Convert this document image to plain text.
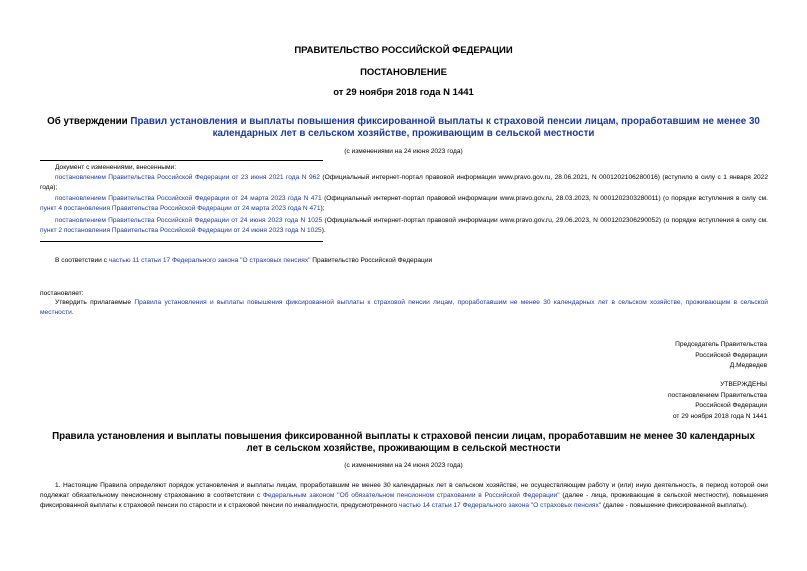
ПРАВИТЕЛЬСТВО РОССИЙСКОЙ ФЕДЕРАЦИИ
ПОСТАНОВЛЕНИЕ
от 29 ноября 2018 года N 1441
Об утверждении Правил установления и выплаты повышения фиксированной выплаты к страховой пенсии лицам, проработавшим не менее 30 календарных лет в сельском хозяйстве, проживающим в сельской местности
(с изменениями на 24 июня 2023 года)
Документ с изменениями, внесенными:
постановлением Правительства Российской Федерации от 23 июня 2021 года N 962 (Официальный интернет-портал правовой информации www.pravo.gov.ru, 28.06.2021, N 0001202106280016) (вступило в силу с 1 января 2022 года);
постановлением Правительства Российской Федерации от 24 марта 2023 года N 471 (Официальный интернет-портал правовой информации www.pravo.gov.ru, 28.03.2023, N 0001202303280011) (о порядке вступления в силу см. пункт 4 постановления Правительства Российской Федерации от 24 марта 2023 года N 471);
постановлением Правительства Российской Федерации от 24 июня 2023 года N 1025 (Официальный интернет-портал правовой информации www.pravo.gov.ru, 29.06.2023, N 0001202306290052) (о порядке вступления в силу см. пункт 2 постановления Правительства Российской Федерации от 24 июня 2023 года N 1025).
В соответствии с частью 11 статьи 17 Федерального закона "О страховых пенсиях" Правительство Российской Федерации
постановляет:
Утвердить прилагаемые Правила установления и выплаты повышения фиксированной выплаты к страховой пенсии лицам, проработавшим не менее 30 календарных лет в сельском хозяйстве, проживающим в сельской местности.
Председатель Правительства
Российской Федерации
Д.Медведев
УТВЕРЖДЕНЫ
постановлением Правительства
Российской Федерации
от 29 ноября 2018 года N 1441
Правила установления и выплаты повышения фиксированной выплаты к страховой пенсии лицам, проработавшим не менее 30 календарных лет в сельском хозяйстве, проживающим в сельской местности
(с изменениями на 24 июня 2023 года)
1. Настоящие Правила определяют порядок установления и выплаты лицам, проработавшим не менее 30 календарных лет в сельском хозяйстве, не осуществляющим работу и (или) иную деятельность, в период которой они подлежат обязательному пенсионному страхованию в соответствии с Федеральным законом "Об обязательном пенсионном страховании в Российской Федерации" (далее - лица, проживающие в сельской местности), повышения фиксированной выплаты к страховой пенсии по старости и к страховой пенсии по инвалидности, предусмотренного частью 14 статьи 17 Федерального закона "О страховых пенсиях" (далее - повышение фиксированной выплаты).
